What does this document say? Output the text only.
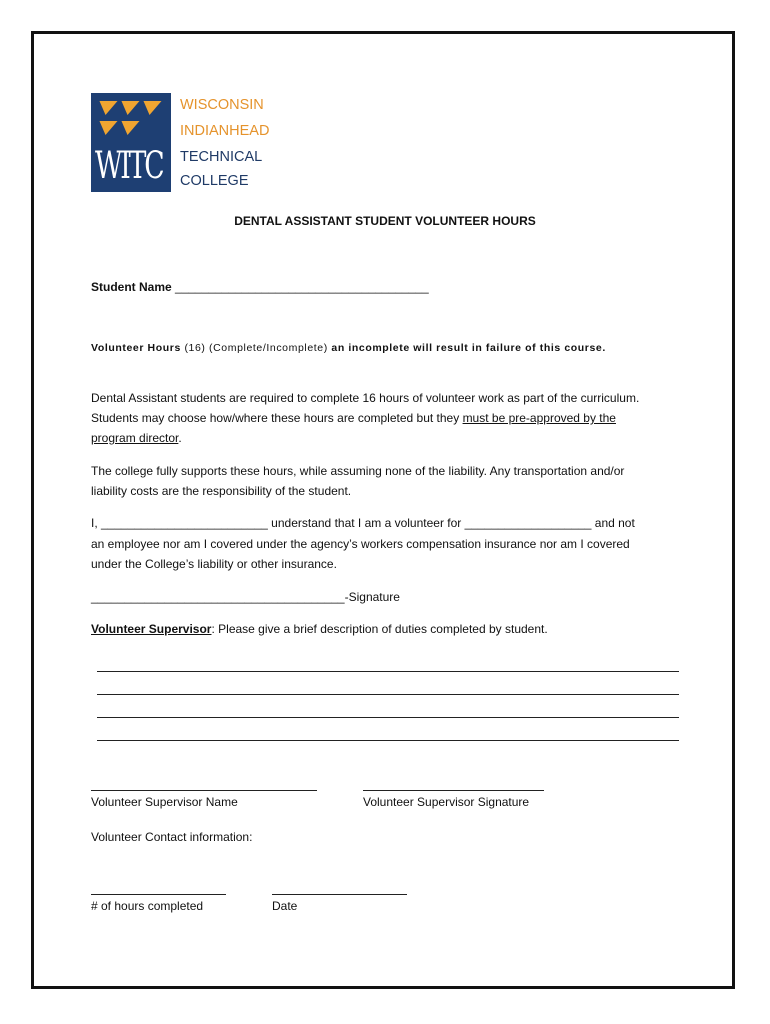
WITC
WISCONSIN
INDIANHEAD
TECHNICAL
COLLEGE
DENTAL ASSISTANT STUDENT VOLUNTEER HOURS
Student Name ______________________________________
Volunteer Hours (16) (Complete/Incomplete) an incomplete will result in failure of this course.
Dental Assistant students are required to complete 16 hours of volunteer work as part of the curriculum.
Students may choose how/where these hours are completed but they must be pre-approved by the
program director.
The college fully supports these hours, while assuming none of the liability. Any transportation and/or
liability costs are the responsibility of the student.
I, _________________________ understand that I am a volunteer for ___________________ and not
an employee nor am I covered under the agency’s workers compensation insurance nor am I covered
under the College’s liability or other insurance.
______________________________________-Signature
Volunteer Supervisor: Please give a brief description of duties completed by student.
Volunteer Supervisor Name	Volunteer Supervisor Signature
Volunteer Contact information:
# of hours completed	Date
